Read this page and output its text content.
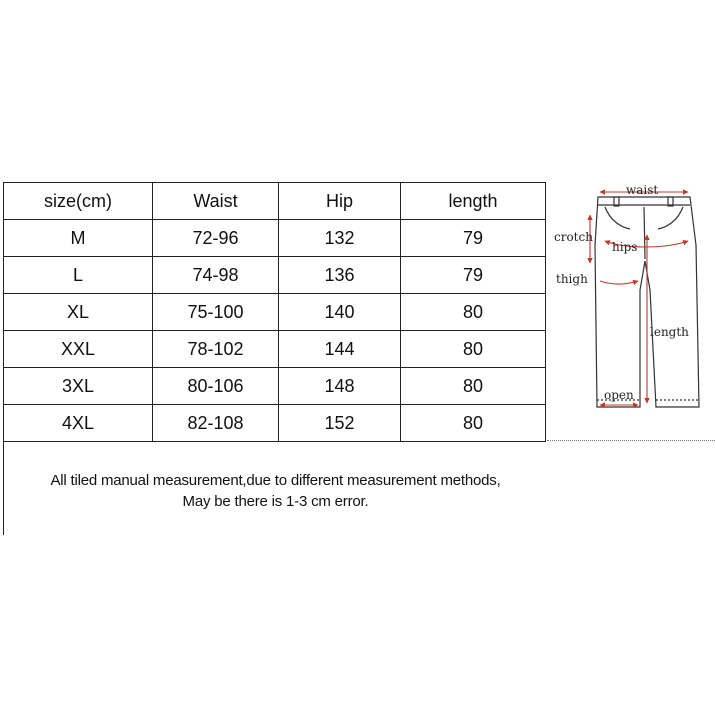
size(cm)	Waist	Hip	length
M	72-96	132	79
L	74-98	136	79
XL	75-100	140	80
XXL	78-102	144	80
3XL	80-106	148	80
4XL	82-108	152	80
All tiled manual measurement,due to different measurement methods,
May be there is 1-3 cm error.
waist
crotch
hips
thigh
length
open
